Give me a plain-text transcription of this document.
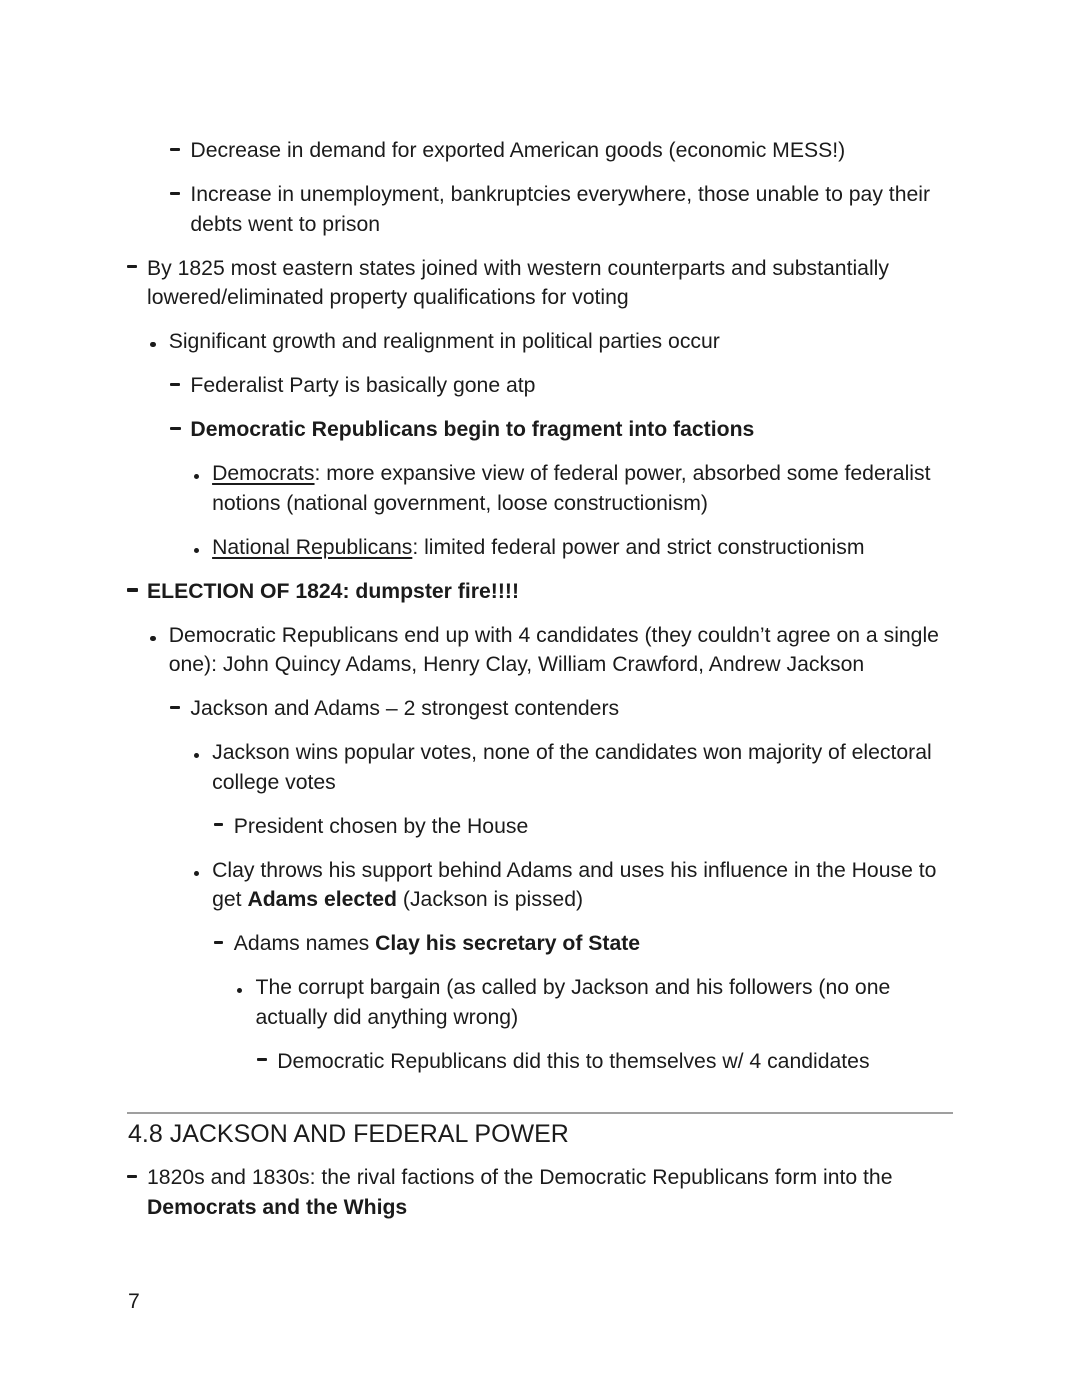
Decrease in demand for exported American goods (economic MESS!)
Increase in unemployment, bankruptcies everywhere, those unable to pay their debts went to prison
By 1825 most eastern states joined with western counterparts and substantially lowered/eliminated property qualifications for voting
Significant growth and realignment in political parties occur
Federalist Party is basically gone atp
Democratic Republicans begin to fragment into factions
Democrats: more expansive view of federal power, absorbed some federalist notions (national government, loose constructionism)
National Republicans: limited federal power and strict constructionism
ELECTION OF 1824: dumpster fire!!!!
Democratic Republicans end up with 4 candidates (they couldn’t agree on a single one): John Quincy Adams, Henry Clay, William Crawford, Andrew Jackson
Jackson and Adams – 2 strongest contenders
Jackson wins popular votes, none of the candidates won majority of electoral college votes
President chosen by the House
Clay throws his support behind Adams and uses his influence in the House to get Adams elected (Jackson is pissed)
Adams names Clay his secretary of State
The corrupt bargain (as called by Jackson and his followers (no one actually did anything wrong)
Democratic Republicans did this to themselves w/ 4 candidates
4.8 JACKSON AND FEDERAL POWER
1820s and 1830s: the rival factions of the Democratic Republicans form into the Democrats and the Whigs
7
